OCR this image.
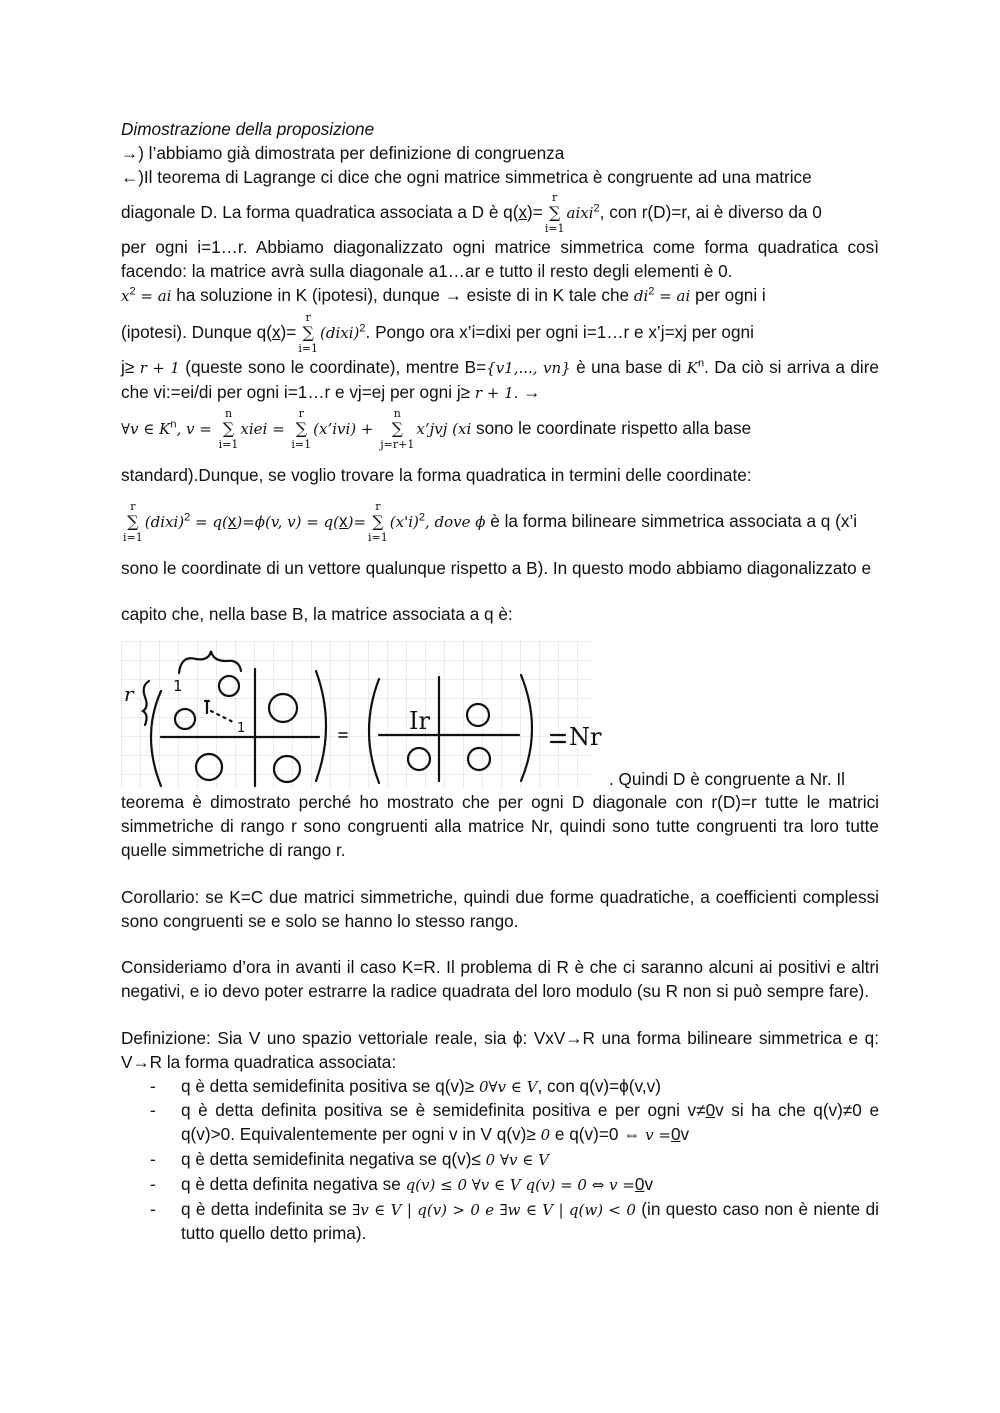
Dimostrazione della proposizione

→) l’abbiamo già dimostrata per definizione di congruenza

←)Il teorema di Lagrange ci dice che ogni matrice simmetrica è congruente ad una matrice

diagonale D. La forma quadratica associata a D è q(x)=r
∑
i=1aixi$^2$, con r(D)=r, ai è diverso da 0

per ogni i=1…r. Abbiamo diagonalizzato ogni matrice simmetrica come forma quadratica così facendo: la matrice avrà sulla diagonale a1…ar e tutto il resto degli elementi è 0.

$x^2$ = ai ha soluzione in K (ipotesi), dunque → esiste di in K tale che $di^2$ = ai per ogni i

(ipotesi). Dunque q(x)=r
∑
i=1(dixi)$^2$. Pongo ora x’i=dixi per ogni i=1…r e x’j=xj per ogni

j≥ r + 1 (queste sono le coordinate), mentre B={v1,..., vn} è una base di $K^n$. Da ciò si arriva a dire che vi:=ei/di per ogni i=1…r e vj=ej per ogni j≥ r + 1. →

∀v ∈ $K^n$, v = n
∑
i=1xiei = r
∑
i=1(x’ivi) + n
∑
j=r+1x’jvj (xi sono le coordinate rispetto alla base standard).Dunque, se voglio trovare la forma quadratica in termini delle coordinate:

r
∑
i=1(dixi)$^2$ = q(x)=ϕ(v, v) = q(x)=r
∑
$i=1(x'i)^2$, dove ϕ è la forma bilineare simmetrica associata a q (x’i sono le coordinate di un vettore qualunque rispetto a B). In questo modo abbiamo diagonalizzato e capito che, nella base B, la matrice associata a q è:

r	1
1	Ir
Nr
. Quindi D è congruente a Nr. Il

teorema è dimostrato perché ho mostrato che per ogni D diagonale con r(D)=r tutte le matrici simmetriche di rango r sono congruenti alla matrice Nr, quindi sono tutte congruenti tra loro tutte quelle simmetriche di rango r.

Corollario: se K=C due matrici simmetriche, quindi due forme quadratiche, a coefficienti complessi sono congruenti se e solo se hanno lo stesso rango.

Consideriamo d’ora in avanti il caso K=R. Il problema di R è che ci saranno alcuni ai positivi e altri negativi, e io devo poter estrarre la radice quadrata del loro modulo (su R non si può sempre fare).

Definizione: Sia V uno spazio vettoriale reale, sia ϕ: VxV→R una forma bilineare simmetrica e q: V→R la forma quadratica associata:

- q è detta semidefinita positiva se q(v)≥ 0∀v ∈ V, con q(v)=ϕ(v,v)
- q è detta definita positiva se è semidefinita positiva e per ogni v≠0v si ha che q(v)≠0 e q(v)>0. Equivalentemente per ogni v in V q(v)≥ 0 e q(v)=0 ⇔ v =0v
- q è detta semidefinita negativa se q(v)≤ 0 ∀v ∈ V
- q è detta definita negativa se q(v) ≤ 0 ∀v ∈ V q(v) = 0 ⇔ v =0v
- q è detta indefinita se ∃v ∈ V | q(v) > 0 e ∃w ∈ V | q(w) < 0 (in questo caso non è niente di tutto quello detto prima).
